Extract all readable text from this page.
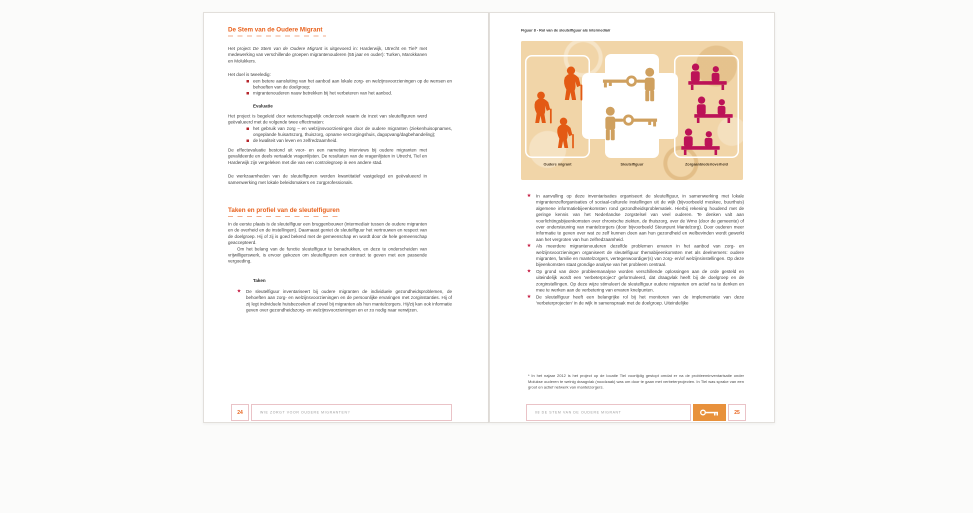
De Stem van de Oudere Migrant

Het project De Stem van de Oudere Migrant is uitgevoerd in: Harderwijk, Utrecht en Tiel* met medewerking van verschillende groepen migrantenouderen (55 jaar en ouder): Turken, Marokkanen en Molukkers.

Het doel is tweeledig:

een betere aansluiting van het aanbod aan lokale zorg- en welzijnsvoorzieningen op de wensen en behoeften van de doelgroep;
migrantenouderen nauw betrekken bij het verbeteren van het aanbod.
Evaluatie

Het project is begeleid door wetenschappelijk onderzoek waarin de inzet van sleutelfiguren werd geëvalueerd met de volgende twee effectmaten:

het gebruik van zorg – en welzijnsvoorzieningen door de oudere migranten (ziekenhuisopnames, ongeplande huisartszorg, thuiszorg, opname verzorgingshuis, dagopvang/dagbehandeling);
de kwaliteit van leven en zelfredzaamheid.

De effectevaluatie bestond uit voor- en een nameting interviews bij oudere migranten met gevalideerde en deels vertaalde vragenlijsten. De resultaten van de vragenlijsten in Utrecht, Tiel en Harderwijk zijn vergeleken met die van een controlegroep in een andere stad.

De werkzaamheden van de sleutelfiguren werden kwantitatief vastgelegd en geëvalueerd in samenwerking met lokale beleidsmakers en zorgprofessionals.

Taken en profiel van de sleutelfiguren

In de eerste plaats is de sleutelfiguur een bruggenbouwer (intermediair tussen de oudere migranten en de overheid en de instellingen). Daarnaast geniet de sleutelfiguur het vertrouwen en respect van de doelgroep. Hij of zij is goed bekend met de gemeenschap en wordt door de hele gemeenschap geaccepteerd.

Om het belang van de functie sleutelfiguur te benadrukken, en deze te onderscheiden van vrijwilligerswerk, is ervoor gekozen om sleutelfiguren een contract te geven met een passende vergoeding.

Taken
★ De sleutelfiguur inventariseert bij oudere migranten de individuele gezondheidsproblemen, de behoeften aan zorg- en welzijnsvoorzieningen en de persoonlijke ervaringen met zorginstanties. Hij of zij legt individuele huisbezoeken af zowel bij migranten als hun mantelzorgers. Hij/zij kan ook informatie geven over gezondheidszorg- en welzijnsvoorzieningen en er zo nodig naar verwijzen.
24	WIE ZORGT VOOR OUDERE MIGRANTEN?

Figuur 8 - Rol van de sleutelfiguur als intermediair

Oudere migrant	Sleutelfiguur	Zorgaanbieder/overheid
★ In aanvulling op deze inventarisaties organiseert de sleutelfiguur, in samenwerking met lokale migrantenzelforganisaties of sociaal-culturele instellingen uit de wijk (bijvoorbeeld moskee, buurthuis) algemene informatiebijeenkomsten rond gezondheidsproblematiek. Hierbij rekening houdend met de geringe kennis van het Nederlandse zorgstelsel van veel ouderen. Te denken valt aan voorlichtingsbijeenkomsten over chronische ziekten, de thuiszorg, over de Wmo (door de gemeente) of over ondersteuning van mantelzorgers (door bijvoorbeeld Steunpunt Mantelzorg). Door ouderen meer informatie te geven over wat ze zelf kunnen doen aan hun gezondheid en welbevinden wordt gewerkt aan het vergroten van hun zelfredzaamheid.
★ Als meerdere migrantenouderen dezelfde problemen ervaren in het aanbod van zorg- en welzijnsvoorzieningen organiseert de sleutelfiguur themabijeenkomsten met als deelnemers: oudere migranten, familie en mantelzorgers, vertegenwoordiger(s) van zorg- en/of welzijnsinstellingen. Op deze bijeenkomsten staat grondige analyse van het probleem centraal.
★ Op grond van deze probleemanalyse worden verschillende oplossingen aan de orde gesteld en uiteindelijk wordt een 'verbeterproject' geformuleerd, dat draagvlak heeft bij de doelgroep en de zorginstellingen. Op deze wijze stimuleert de sleutelfiguur oudere migranten om actief na te denken en mee te werken aan de verbetering van ervaren knelpunten.
★ De sleutelfiguur heeft een belangrijke rol bij het monitoren van de implementatie van deze 'verbeterprojecten' in de wijk in samenspraak met de doelgroep. Uiteindelijke
* In het najaar 2012 is het project op de locatie Tiel voortijdig gestopt omdat er na de probleeminventarisatie onder Molukse ouderen te weinig draagvlak (noodzaak) was om door te gaan met verbeterprojecten. In Tiel was sprake van een groot en actief netwerk van mantelzorgers.
08 DE STEM VAN DE OUDERE MIGRANT	25
